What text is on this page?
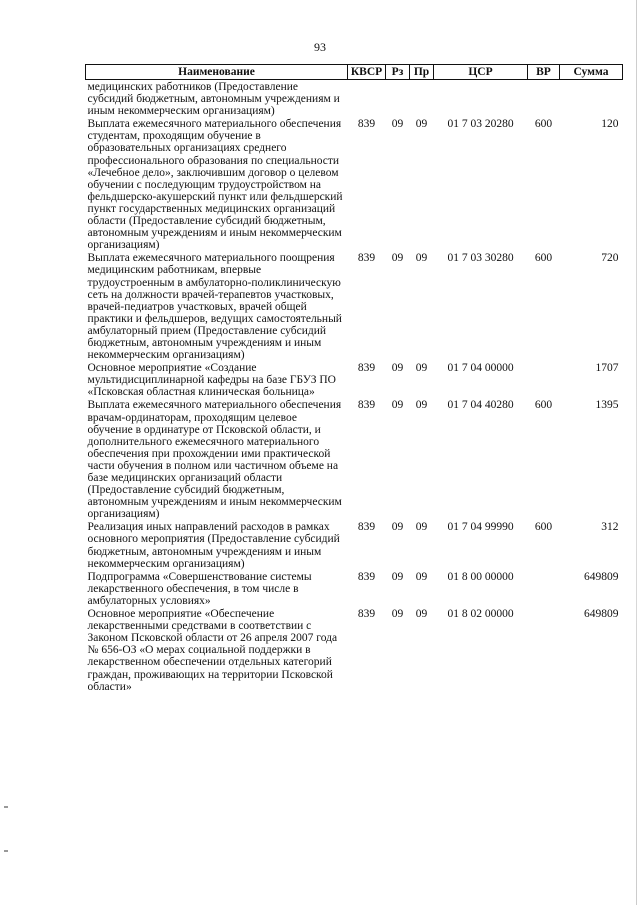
93
Наименование	КВСР	Рз	Пр	ЦСР	ВР	Сумма
медицинских работников (Предоставление субсидий бюджетным, автономным учреждениям и иным некоммерческим организациям)						
Выплата ежемесячного материального обеспечения студентам, проходящим обучение в образовательных организациях среднего профессионального образования по специальности «Лечебное дело», заключившим договор о целевом обучении с последующим трудоустройством на фельдшерско-акушерский пункт или фельдшерский пункт государственных медицинских организаций области (Предоставление субсидий бюджетным, автономным учреждениям и иным некоммерческим организациям)	839	09	09	01 7 03 20280	600	120
Выплата ежемесячного материального поощрения медицинским работникам, впервые трудоустроенным в амбулаторно-поликлиническую сеть на должности врачей-терапевтов участковых, врачей-педиатров участковых, врачей общей практики и фельдшеров, ведущих самостоятельный амбулаторный прием (Предоставление субсидий бюджетным, автономным учреждениям и иным некоммерческим организациям)	839	09	09	01 7 03 30280	600	720
Основное мероприятие «Создание мультидисциплинарной кафедры на базе ГБУЗ ПО «Псковская областная клиническая больница»	839	09	09	01 7 04 00000		1707
Выплата ежемесячного материального обеспечения врачам-ординаторам, проходящим целевое обучение в ординатуре от Псковской области, и дополнительного ежемесячного материального обеспечения при прохождении ими практической части обучения в полном или частичном объеме на базе медицинских организаций области (Предоставление субсидий бюджетным, автономным учреждениям и иным некоммерческим организациям)	839	09	09	01 7 04 40280	600	1395
Реализация иных направлений расходов в рамках основного мероприятия (Предоставление субсидий бюджетным, автономным учреждениям и иным некоммерческим организациям)	839	09	09	01 7 04 99990	600	312
Подпрограмма «Совершенствование системы лекарственного обеспечения, в том числе в амбулаторных условиях»	839	09	09	01 8 00 00000		649809
Основное мероприятие «Обеспечение лекарственными средствами в соответствии с Законом Псковской области от 26 апреля 2007 года № 656-ОЗ «О мерах социальной поддержки в лекарственном обеспечении отдельных категорий граждан, проживающих на территории Псковской области»	839	09	09	01 8 02 00000		649809
